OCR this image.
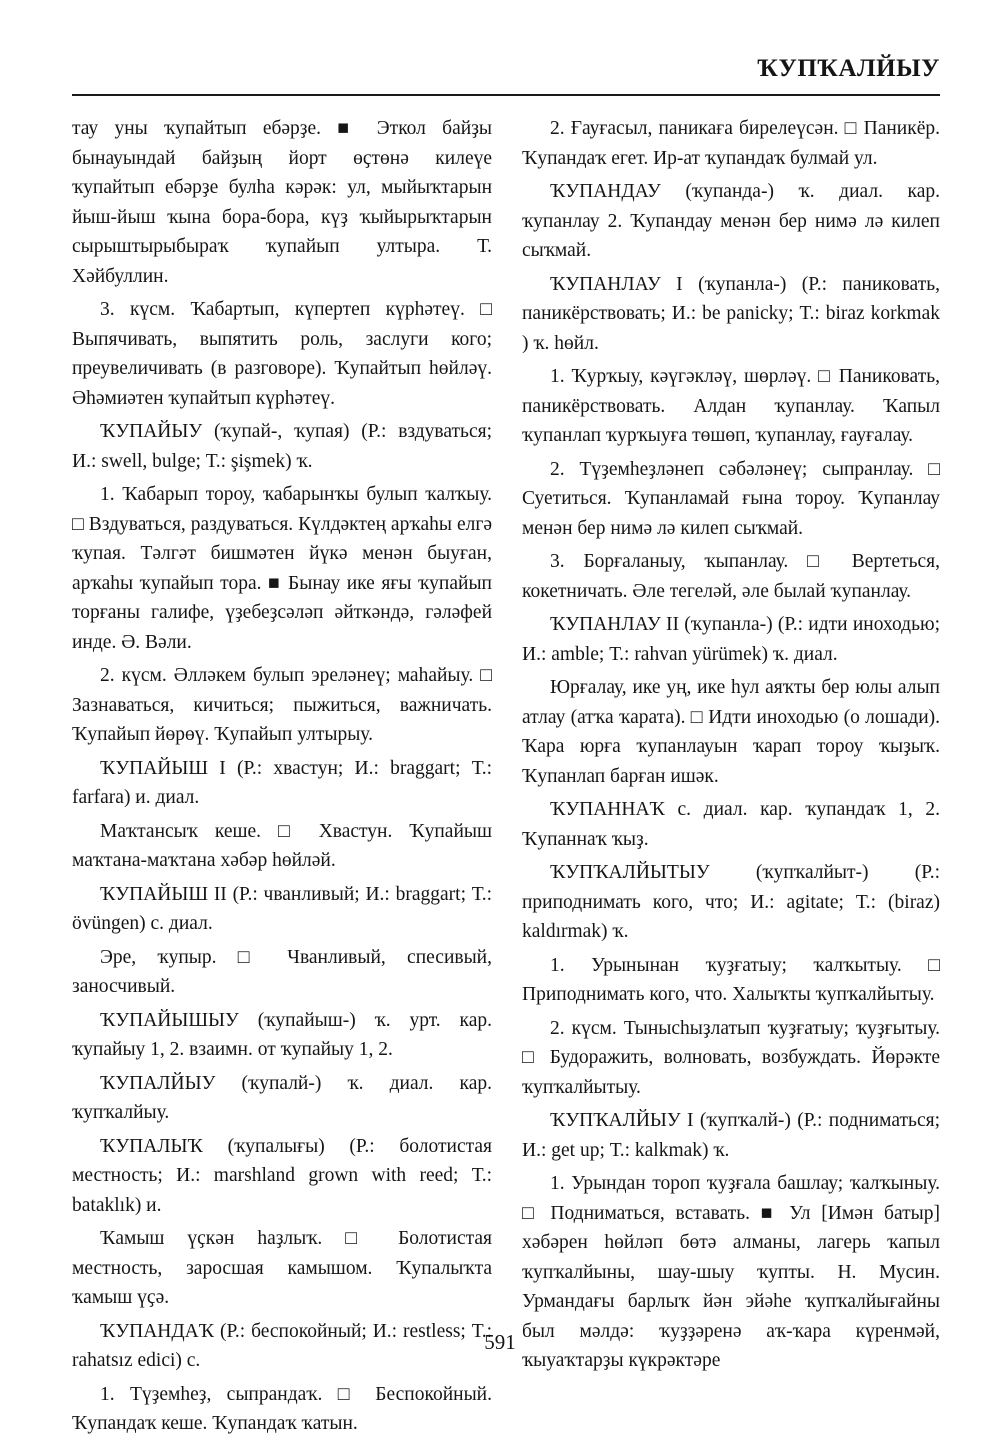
ҠУПҠАЛЙЫУ

тау уны ҡупайтып ебәрҙе. ■ Эткол байҙы бынауындай байҙың йорт өҫтөнә килеүе ҡупайтып ебәрҙе булһа кәрәк: ул, мыйыҡтарын йыш-йыш ҡына бора-бора, күҙ ҡыйырыҡтарын сырыштырыбыраҡ ҡупайып ултыра. Т. Хәйбуллин.

3. күсм. Ҡабартып, күпертеп күрһәтеү. □ Выпячивать, выпятить роль, заслуги кого; преувеличивать (в разговоре). Ҡупайтып һөйләү. Әһәмиәтен ҡупайтып күрһәтеү.

ҠУПАЙЫУ (ҡупай-, ҡупая) (Р.: вздуваться; И.: swell, bulge; Т.: şişmek) ҡ.

1. Ҡабарып тороу, ҡабарынҡы булып ҡалҡыу. □ Вздуваться, раздуваться. Күлдәктең арҡаһы елгә ҡупая. Тәлгәт бишмәтен йүкә менән быуған, арҡаһы ҡупайып тора. ■ Бынау ике яғы ҡупайып торғаны галифе, үҙебеҙсәләп әйткәндә, гәләфей инде. Ә. Вәли.

2. күсм. Әлләкем булып эреләнеү; маһайыу. □ Зазнаваться, кичиться; пыжиться, важничать. Ҡупайып йөрөү. Ҡупайып ултырыу.

ҠУПАЙЫШ I (Р.: хвастун; И.: braggart; Т.: farfara) и. диал.

Маҡтансыҡ кеше. □ Хвастун. Ҡупайыш маҡтана-маҡтана хәбәр һөйләй.

ҠУПАЙЫШ II (Р.: чванливый; И.: braggart; Т.: övüngen) с. диал.

Эре, ҡупыр. □ Чванливый, спесивый, заносчивый.

ҠУПАЙЫШЫУ (ҡупайыш-) ҡ. урт. кар. ҡупайыу 1, 2. взаимн. от ҡупайыу 1, 2.

ҠУПАЛЙЫУ (ҡупалй-) ҡ. диал. кар. ҡупҡалйыу.

ҠУПАЛЫҠ (ҡупалығы) (Р.: болотистая местность; И.: marshland grown with reed; Т.: bataklık) и.

Ҡамыш үҫкән һаҙлыҡ. □ Болотистая местность, заросшая камышом. Ҡупалыҡта ҡамыш үҫә.

ҠУПАНДАҠ (Р.: беспокойный; И.: restless; Т.: rahatsız edici) с.

1. Түҙемһеҙ, сыпрандаҡ. □ Беспокойный. Ҡупандаҡ кеше. Ҡупандаҡ ҡатын.

2. Ғауғасыл, паникаға бирелеүсән. □ Паникёр. Ҡупандаҡ егет. Ир-ат ҡупандаҡ булмай ул.

ҠУПАНДАУ (ҡупанда-) ҡ. диал. кар. ҡупанлау 2. Ҡупандау менән бер нимә лә килеп сыҡмай.

ҠУПАНЛАУ I (ҡупанла-) (Р.: паниковать, паникёрствовать; И.: be panicky; Т.: biraz korkmak ) ҡ. һөйл.

1. Ҡурҡыу, кәүгәкләү, шөрләү. □ Паниковать, паникёрствовать. Алдан ҡупанлау. Ҡапыл ҡупанлап ҡурҡыуға төшөп, ҡупанлау, ғауғалау.

2. Түҙемһеҙләнеп сәбәләнеү; сыпранлау. □ Суетиться. Ҡупанламай ғына тороу. Ҡупанлау менән бер нимә лә килеп сыҡмай.

3. Борғаланыу, ҡыпанлау. □ Вертеться, кокетничать. Әле тегеләй, әле былай ҡупанлау.

ҠУПАНЛАУ II (ҡупанла-) (Р.: идти иноходью; И.: amble; Т.: rahvan yürümek) ҡ. диал.

Юрғалау, ике уң, ике һул аяҡты бер юлы алып атлау (атҡа ҡарата). □ Идти иноходью (о лошади). Ҡара юрға ҡупанлауын ҡарап тороу ҡыҙыҡ. Ҡупанлап барған ишәк.

ҠУПАННАҠ с. диал. кар. ҡупандаҡ 1, 2. Ҡупаннаҡ ҡыҙ.

ҠУПҠАЛЙЫТЫУ (ҡупҡалйыт-) (Р.: приподнимать кого, что; И.: agitate; Т.: (biraz) kaldırmak) ҡ.

1. Урынынан ҡуҙғатыу; ҡалҡытыу. □ Приподнимать кого, что. Халыҡты ҡупҡалйытыу.

2. күсм. Тынысһыҙлатып ҡуҙғатыу; ҡуҙғытыу. □ Будоражить, волновать, возбуждать. Йөрәкте ҡупҡалйытыу.

ҠУПҠАЛЙЫУ I (ҡупҡалй-) (Р.: подниматься; И.: get up; Т.: kalkmak) ҡ.

1. Урындан тороп ҡуҙғала башлау; ҡалҡыныу. □ Подниматься, вставать. ■ Ул [Имән батыр] хәбәрен һөйләп бөтә алманы, лагерь ҡапыл ҡупҡалйыны, шау-шыу ҡупты. Н. Мусин. Урмандағы барлыҡ йән эйәһе ҡупҡалйығайны был мәлдә: ҡуҙҙәренә аҡ-ҡара күренмәй, ҡыуаҡтарҙы күкрәктәре

591
